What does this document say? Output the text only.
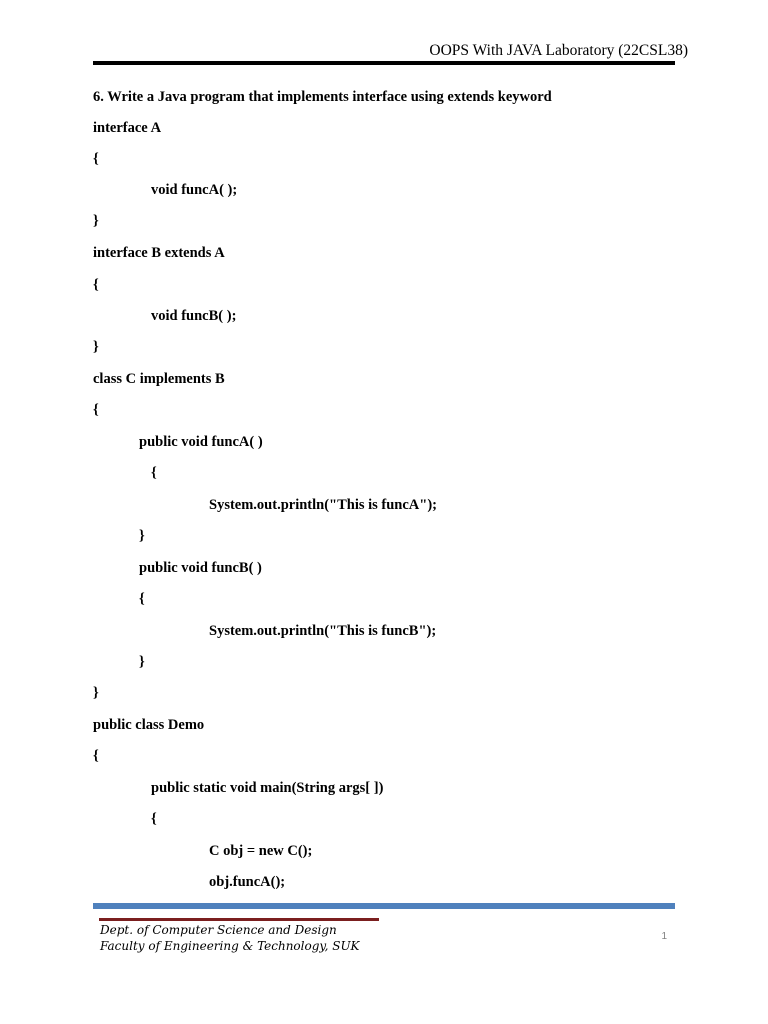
OOPS With JAVA Laboratory (22CSL38)
6. Write a Java program that implements interface using extends keyword
interface A
{
void funcA( );
}
interface B extends A
{
void funcB( );
}
class C implements B
{
public void funcA( )
{
System.out.println("This is funcA");
}
public void funcB( )
{
System.out.println("This is funcB");
}
}
public class Demo
{
public static void main(String args[ ])
{
C obj = new C();
obj.funcA();
Dept. of Computer Science and Design
Faculty of Engineering & Technology, SUK
1
